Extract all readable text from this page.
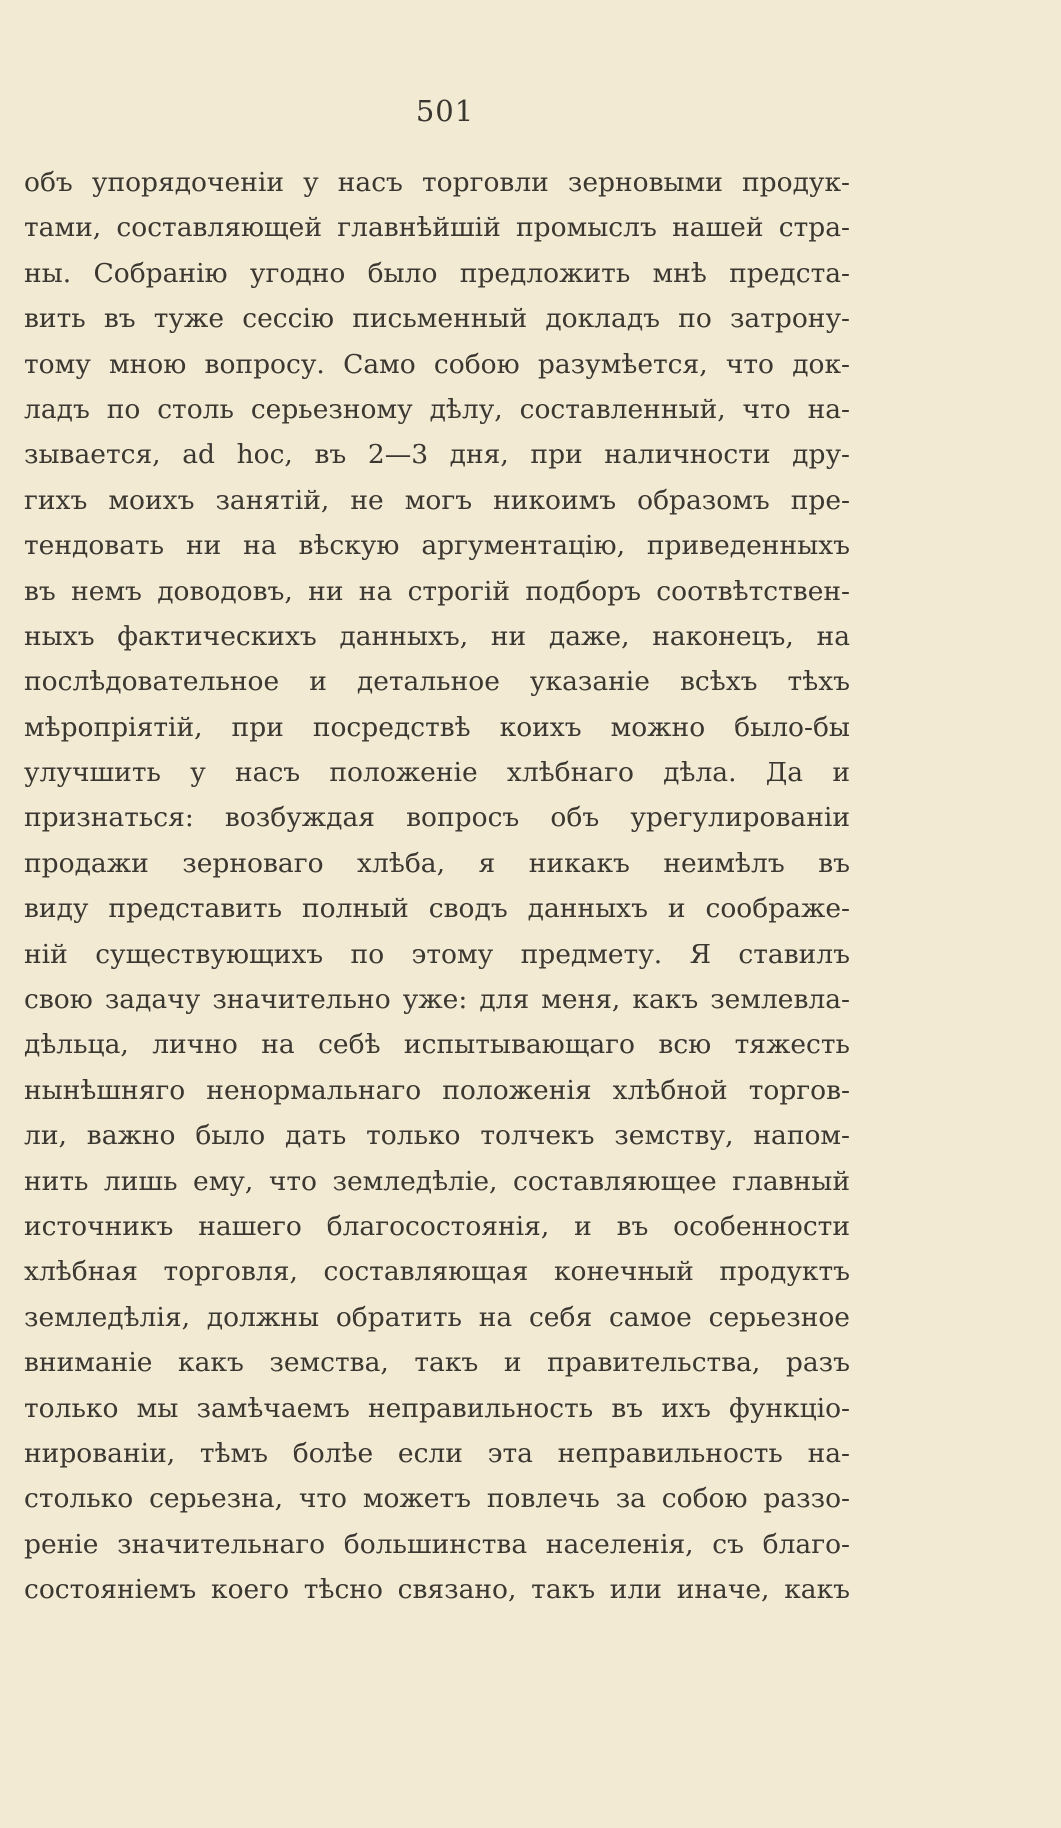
501
объ упорядоченіи у насъ торговли зерновыми продук-
тами, составляющей главнѣйшій промыслъ нашей стра-
ны. Собранію угодно было предложить мнѣ предста-
вить въ туже сессію письменный докладъ по затрону-
тому мною вопросу. Само собою разумѣется, что док-
ладъ по столь серьезному дѣлу, составленный, что на-
зывается, ad hoc, въ 2—3 дня, при наличности дру-
гихъ моихъ занятій, не могъ никоимъ образомъ пре-
тендовать ни на вѣскую аргументацію, приведенныхъ
въ немъ доводовъ, ни на строгій подборъ соотвѣтствен-
ныхъ фактическихъ данныхъ, ни даже, наконецъ, на
послѣдовательное и детальное указаніе всѣхъ тѣхъ
мѣропріятій, при посредствѣ коихъ можно было-бы
улучшить у насъ положеніе хлѣбнаго дѣла. Да и
признаться: возбуждая вопросъ объ урегулированіи
продажи зерноваго хлѣба, я никакъ неимѣлъ въ
виду представить полный сводъ данныхъ и соображе-
ній существующихъ по этому предмету. Я ставилъ
свою задачу значительно уже: для меня, какъ землевла-
дѣльца, лично на себѣ испытывающаго всю тяжесть
нынѣшняго ненормальнаго положенія хлѣбной торгов-
ли, важно было дать только толчекъ земству, напом-
нить лишь ему, что земледѣліе, составляющее главный
источникъ нашего благосостоянія, и въ особенности
хлѣбная торговля, составляющая конечный продуктъ
земледѣлія, должны обратить на себя самое серьезное
вниманіе какъ земства, такъ и правительства, разъ
только мы замѣчаемъ неправильность въ ихъ функціо-
нированіи, тѣмъ болѣе если эта неправильность на-
столько серьезна, что можетъ повлечь за собою раззо-
реніе значительнаго большинства населенія, съ благо-
состояніемъ коего тѣсно связано, такъ или иначе, какъ
